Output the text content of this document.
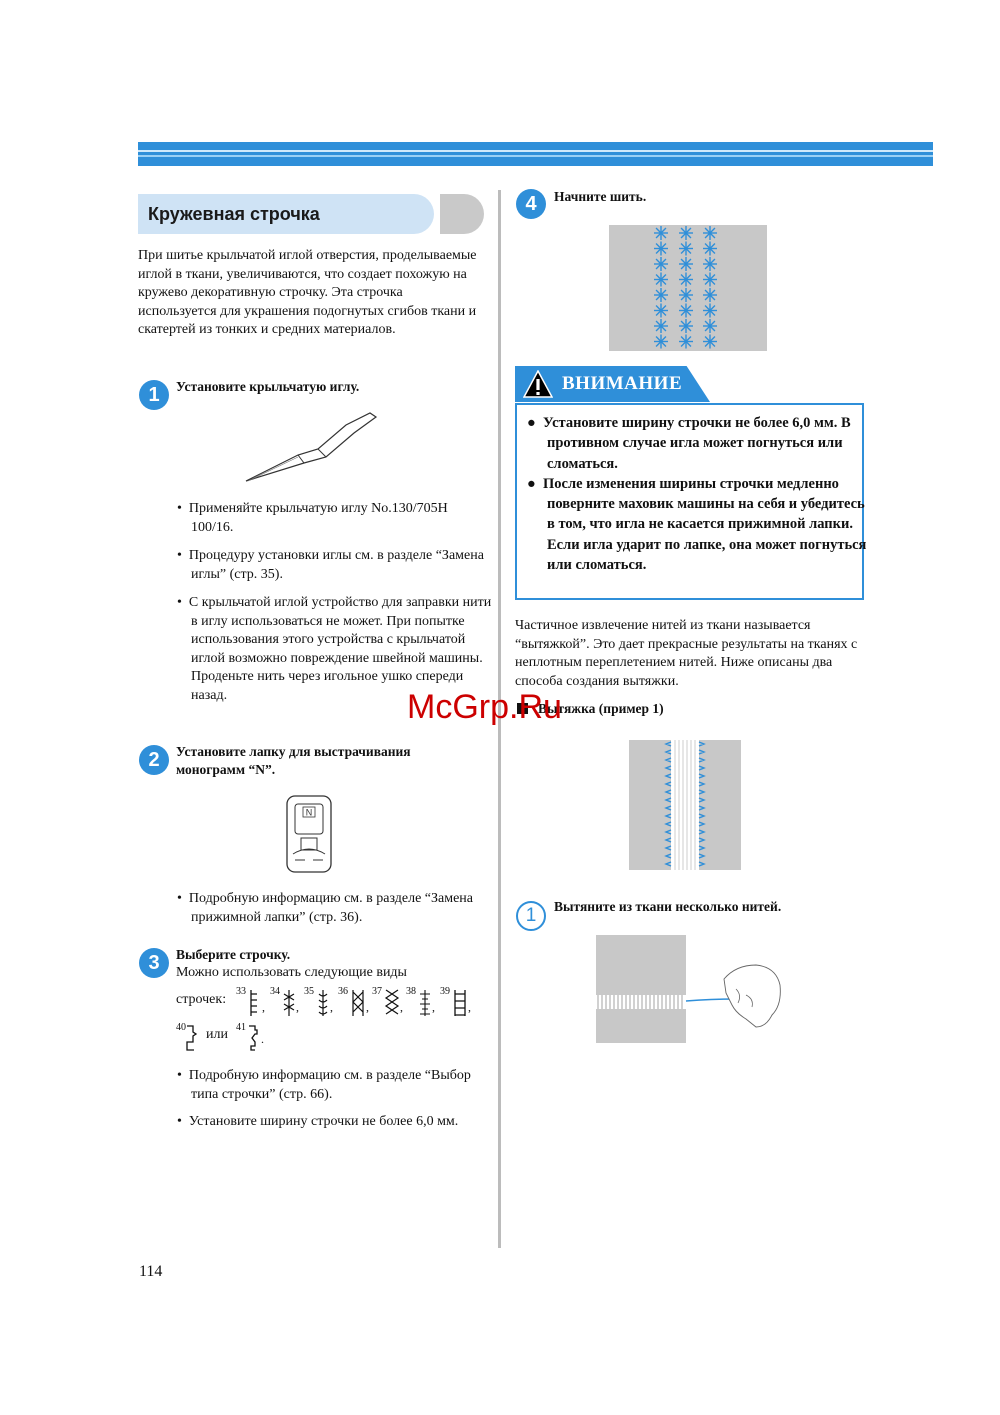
Кружевная строчка
При шитье крыльчатой иглой отверстия, проделываемые иглой в ткани, увеличиваются, что создает похожую на кружево декоративную строчку. Эта строчка используется для украшения подогнутых сгибов ткани и скатертей из тонких и средних материалов.
1	Установите крыльчатую иглу.
•  Применяйте крыльчатую иглу No.130/705H 100/16.
•  Процедуру установки иглы см. в разделе “Замена иглы” (стр. 35).
•  С крыльчатой иглой устройство для заправки нити в иглу использоваться не может. При попытке использования этого устройства с крыльчатой иглой возможно повреждение швейной машины. Проденьте нить через игольное ушко спереди назад.
2	Установите лапку для выстрачивания монограмм “N”.
N
•  Подробную информацию см. в разделе “Замена прижимной лапки” (стр. 36).
3	Выберите строчку.
Можно использовать следующие виды
строчек:
33
,
34
,
35
,
36
,
37
,
38
,
39
,
40 или 41
.
•  Подробную информацию см. в разделе “Выбор типа строчки” (стр. 66).
•  Установите ширину строчки не более 6,0 мм.
4	Начните шить.
ВНИМАНИЕ
●  Установите ширину строчки не более 6,0 мм. В противном случае игла может погнуться или сломаться.
●  После изменения ширины строчки медленно поверните маховик машины на себя и убедитесь в том, что игла не касается прижимной лапки. Если игла ударит по лапке, она может погнуться или сломаться.
Частичное извлечение нитей из ткани называется “вытяжкой”. Это дает прекрасные результаты на тканях с неплотным переплетением нитей. Ниже описаны два способа создания вытяжки.
Вытяжка (пример 1)
1	Вытяните из ткани несколько нитей.
McGrp.Ru
114
